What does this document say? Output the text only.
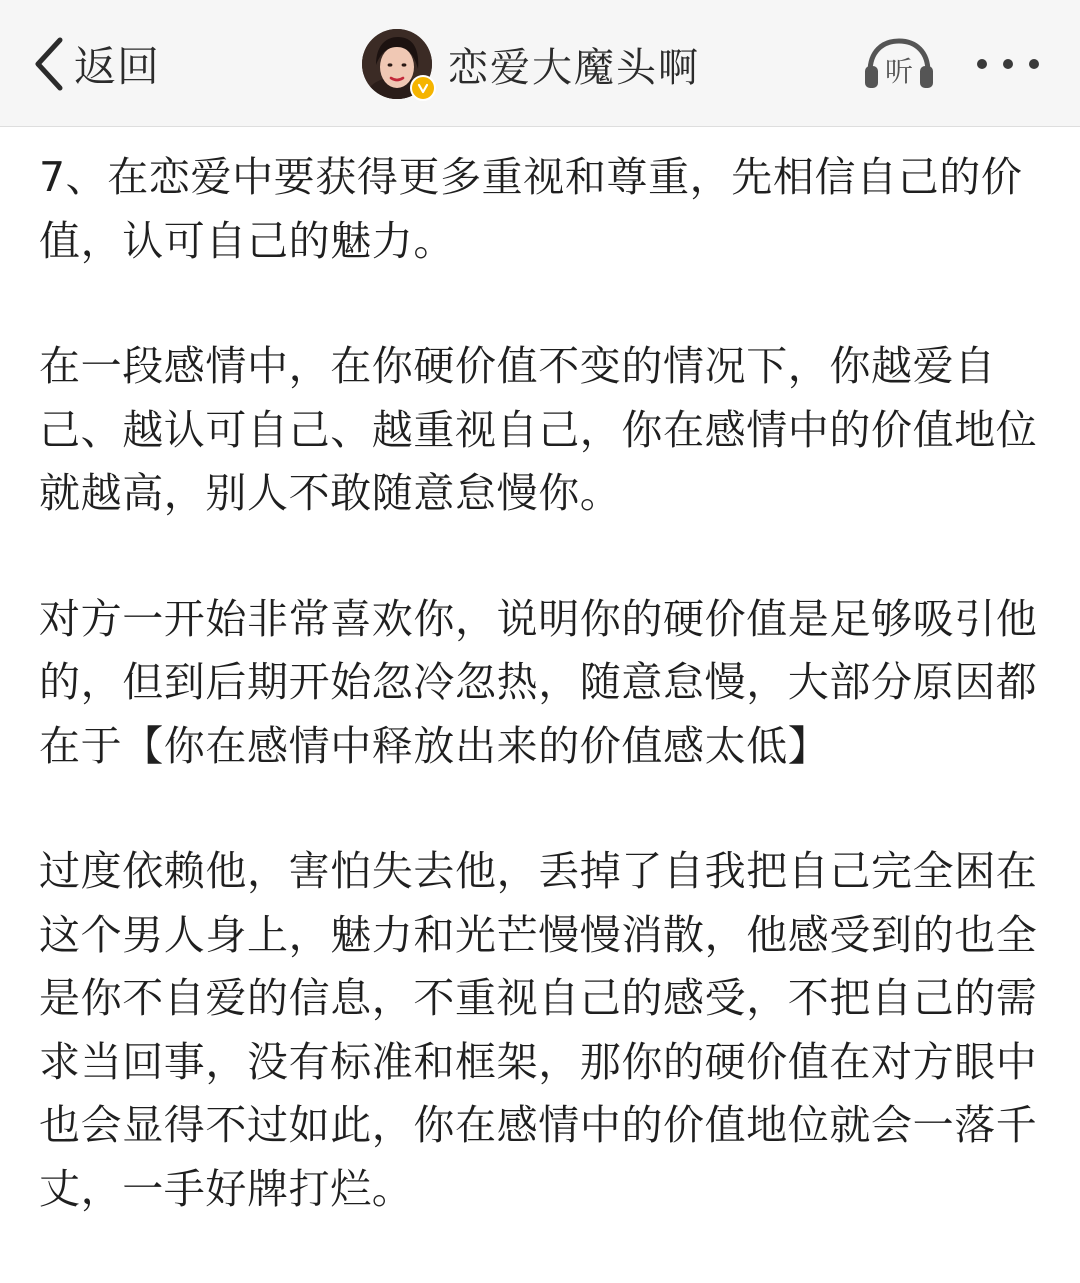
返回	恋爱大魔头啊	听

7、在恋爱中要获得更多重视和尊重，先相信自己的价值，认可自己的魅力。

在一段感情中，在你硬价值不变的情况下，你越爱自己、越认可自己、越重视自己，你在感情中的价值地位就越高，别人不敢随意怠慢你。

对方一开始非常喜欢你，说明你的硬价值是足够吸引他的，但到后期开始忽冷忽热，随意怠慢，大部分原因都在于【你在感情中释放出来的价值感太低】

过度依赖他，害怕失去他，丢掉了自我把自己完全困在这个男人身上，魅力和光芒慢慢消散，他感受到的也全是你不自爱的信息，不重视自己的感受，不把自己的需求当回事，没有标准和框架，那你的硬价值在对方眼中也会显得不过如此，你在感情中的价值地位就会一落千丈，一手好牌打烂。
